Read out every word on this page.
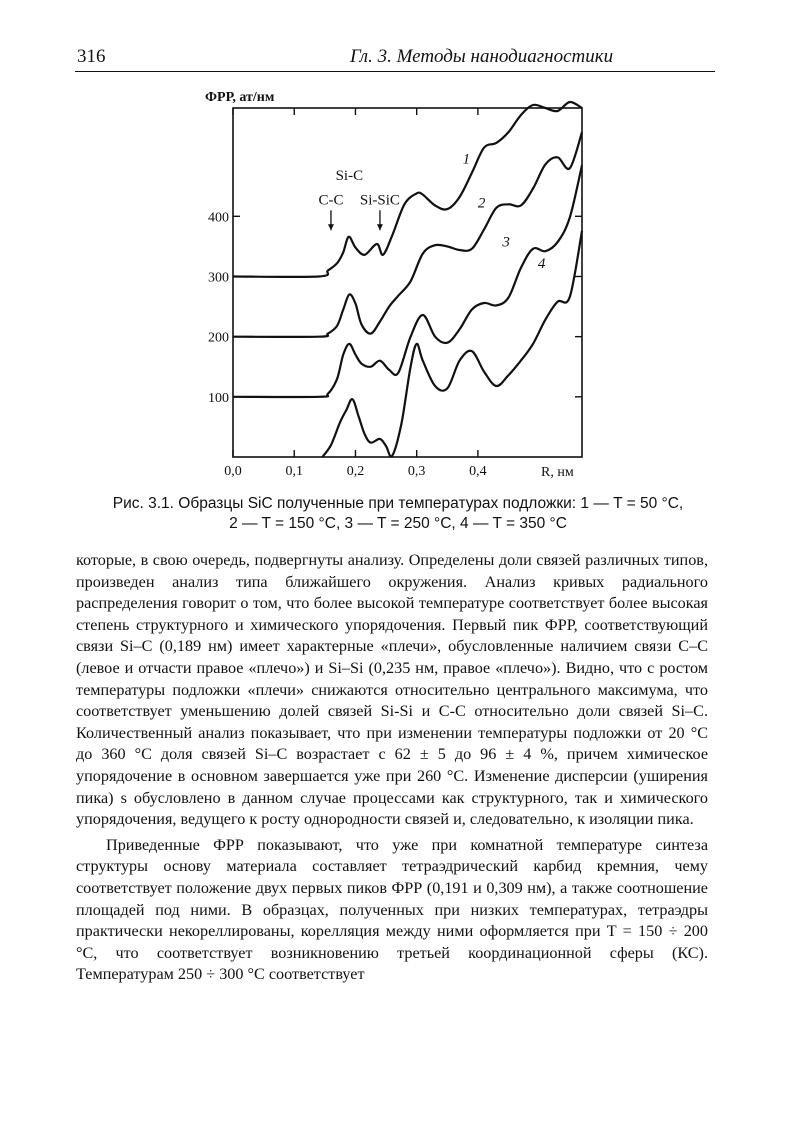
316	Гл. 3. Методы нанодиагностики
ФРР, ат/нм
0,0	0,1	0,2	0,3	0,4
100
200
300
400
R, нм
1
2
3
4
Si-C
C-C Si-SiC
Рис. 3.1. Образцы SiC полученные при температурах подложки: 1 — T = 50 °C,
2 — T = 150 °C, 3 — T = 250 °C, 4 — T = 350 °C

которые, в свою очередь, подвергнуты анализу. Определены доли связей различных типов, произведен анализ типа ближайшего окружения. Анализ кривых радиального распределения говорит о том, что более высокой температуре соответствует более высокая степень структурного и химического упорядочения. Первый пик ФРР, соответствующий связи Si–C (0,189 нм) имеет характерные «плечи», обусловленные наличием связи C–C (левое и отчасти правое «плечо») и Si–Si (0,235 нм, правое «плечо»). Видно, что с ростом температуры подложки «плечи» снижаются относительно центрального максимума, что соответствует уменьшению долей связей Si-Si и C-C относительно доли связей Si–C. Количественный анализ показывает, что при изменении температуры подложки от 20 °C до 360 °C доля связей Si–C возрастает с 62 ± 5 до 96 ± 4 %, причем химическое упорядочение в основном завершается уже при 260 °C. Изменение дисперсии (уширения пика) s обусловлено в данном случае процессами как структурного, так и химического упорядочения, ведущего к росту однородности связей и, следовательно, к изоляции пика.

Приведенные ФРР показывают, что уже при комнатной температуре синтеза структуры основу материала составляет тетраэдрический карбид кремния, чему соответствует положение двух первых пиков ФРР (0,191 и 0,309 нм), а также соотношение площадей под ними. В образцах, полученных при низких температурах, тетраэдры практически некореллированы, корелляция между ними оформляется при T = 150 ÷ 200 °C, что соответствует возникновению третьей координационной сферы (КС). Температурам 250 ÷ 300 °C соответствует
